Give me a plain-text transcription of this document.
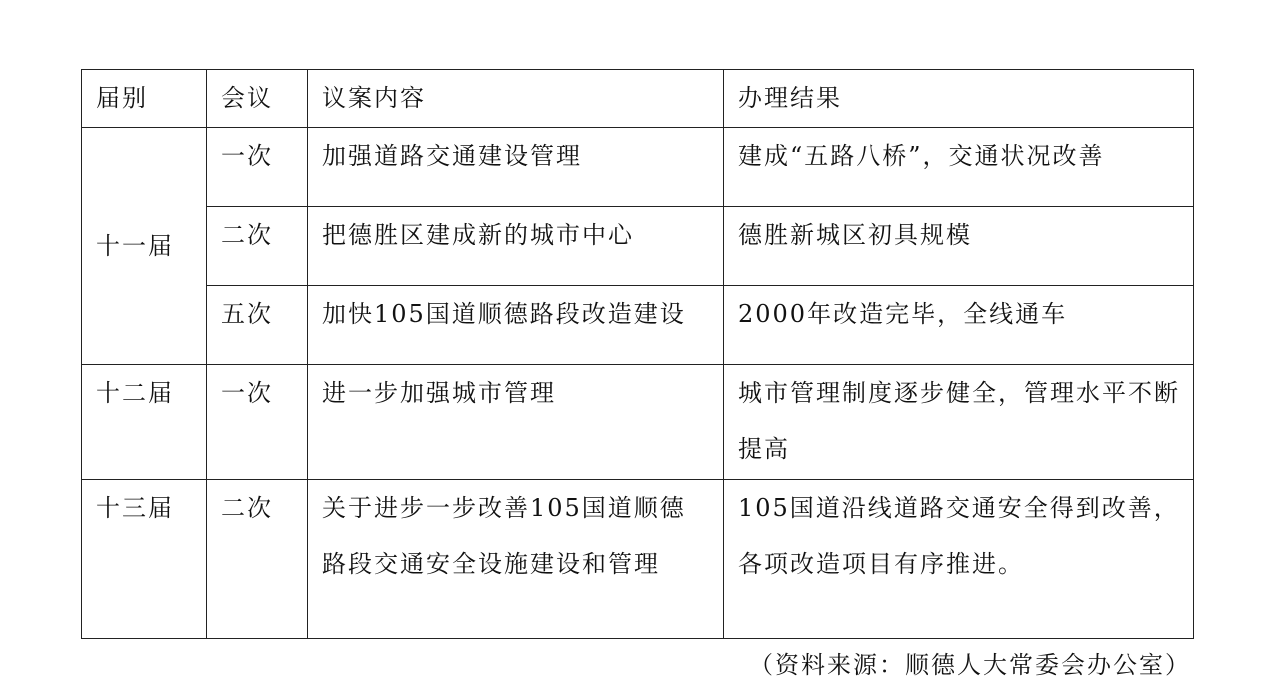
届别	会议	议案内容	办理结果
十一届	一次	加强道路交通建设管理	建成“五路八桥”，交通状况改善
	二次	把德胜区建成新的城市中心	德胜新城区初具规模
	五次	加快105国道顺德路段改造建设	2000年改造完毕，全线通车
十二届	一次	进一步加强城市管理	城市管理制度逐步健全，管理水平不断提高
十三届	二次	关于进步一步改善105国道顺德路段交通安全设施建设和管理	105国道沿线道路交通安全得到改善，各项改造项目有序推进。
（资料来源：顺德人大常委会办公室）
